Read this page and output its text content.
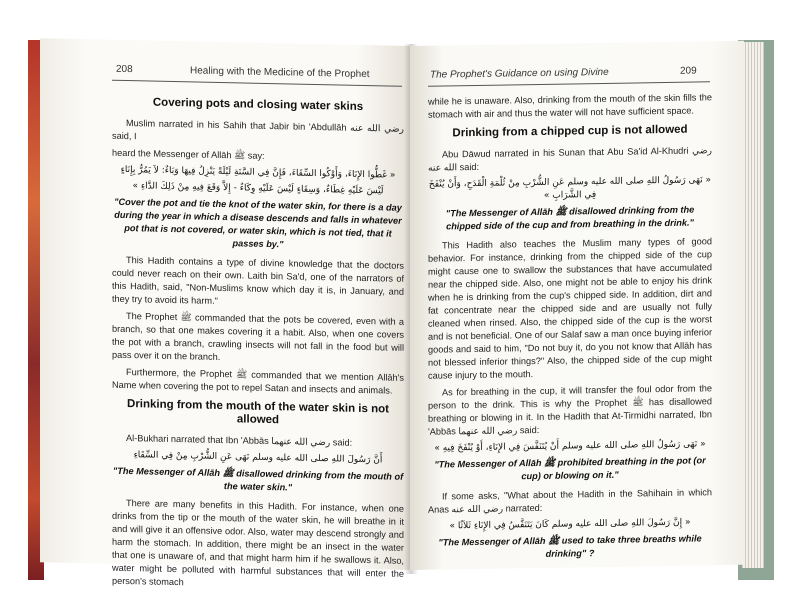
208	Healing with the Medicine of the Prophet
Covering pots and closing water skins

Muslim narrated in his Sahih that Jabir bin 'Abdullāh رضي الله عنه said, I

heard the Messenger of Allāh ﷺ say:

« غَطُّوا الإِنَاءَ، وَأَوْكُوا السِّقَاءَ، فَإِنَّ فِي السَّنَةِ لَيْلَةً يَنْزِلُ فِيهَا وَبَاءٌ: لاَ يَمُرُّ بِإِنَاءٍ
لَيْسَ عَلَيْهِ غِطَاءٌ، وَسِقَاءٍ لَيْسَ عَلَيْهِ وِكَاءٌ - إِلاَّ وَقَعَ فِيهِ مِنْ ذَلِكَ الدَّاءِ »
"Cover the pot and tie the knot of the water skin, for there is a day during the year in which a disease descends and falls in whatever pot that is not covered, or water skin, which is not tied, that it passes by."

This Hadith contains a type of divine knowledge that the doctors could never reach on their own. Laith bin Sa'd, one of the narrators of this Hadith, said, "Non-Muslims know which day it is, in January, and they try to avoid its harm."

The Prophet ﷺ commanded that the pots be covered, even with a branch, so that one makes covering it a habit. Also, when one covers the pot with a branch, crawling insects will not fall in the food but will pass over it on the branch.

Furthermore, the Prophet ﷺ commanded that we mention Allāh's Name when covering the pot to repel Satan and insects and animals.

Drinking from the mouth of the water skin is not allowed

Al-Bukhari narrated that Ibn 'Abbās رضي الله عنهما said:

أَنَّ رَسُولَ اللهِ صلى الله عليه وسلم نَهَى عَنِ الشُّرْبِ مِنْ فِي السِّقَاءِ
"The Messenger of Allāh ﷺ disallowed drinking from the mouth of the water skin."

There are many benefits in this Hadith. For instance, when one drinks from the tip or the mouth of the water skin, he will breathe in it and will give it an offensive odor. Also, water may descend strongly and harm the stomach. In addition, there might be an insect in the water that one is unaware of, and that might harm him if he swallows it. Also, water might be polluted with harmful substances that will enter the person's stomach

The Prophet's Guidance on using Divine	209

while he is unaware. Also, drinking from the mouth of the skin fills the stomach with air and thus the water will not have sufficient space.

Drinking from a chipped cup is not allowed

Abu Dāwud narrated in his Sunan that Abu Sa'id Al-Khudri رضي الله عنه said:

« نَهَى رَسُولُ اللهِ صلى الله عليه وسلم عَنِ الشُّرْبِ مِنْ ثُلْمَةِ الْقَدَحِ، وَأَنْ يُنْفَخَ فِي الشَّرَابِ »
"The Messenger of Allāh ﷺ disallowed drinking from the chipped side of the cup and from breathing in the drink."

This Hadith also teaches the Muslim many types of good behavior. For instance, drinking from the chipped side of the cup might cause one to swallow the substances that have accumulated near the chipped side. Also, one might not be able to enjoy his drink when he is drinking from the cup's chipped side. In addition, dirt and fat concentrate near the chipped side and are usually not fully cleaned when rinsed. Also, the chipped side of the cup is the worst and is not beneficial. One of our Salaf saw a man once buying inferior goods and said to him, "Do not buy it, do you not know that Allāh has not blessed inferior things?" Also, the chipped side of the cup might cause injury to the mouth.

As for breathing in the cup, it will transfer the foul odor from the person to the drink. This is why the Prophet ﷺ has disallowed breathing or blowing in it. In the Hadith that At-Tirmidhi narrated, Ibn 'Abbās رضي الله عنهما said:

« نَهَى رَسُولُ اللهِ صلى الله عليه وسلم أَنْ يُتَنَفَّسَ فِي الإِنَاءِ، أَوْ يُنْفَخَ فِيهِ »
"The Messenger of Allāh ﷺ prohibited breathing in the pot (or cup) or blowing on it."

If some asks, "What about the Hadith in the Sahihain in which Anas رضي الله عنه narrated:

« إِنَّ رَسُولَ اللهِ صلى الله عليه وسلم كَانَ يَتَنَفَّسُ فِي الإِنَاءِ ثَلاَثًا »
"The Messenger of Allāh ﷺ used to take three breaths while drinking" ?
